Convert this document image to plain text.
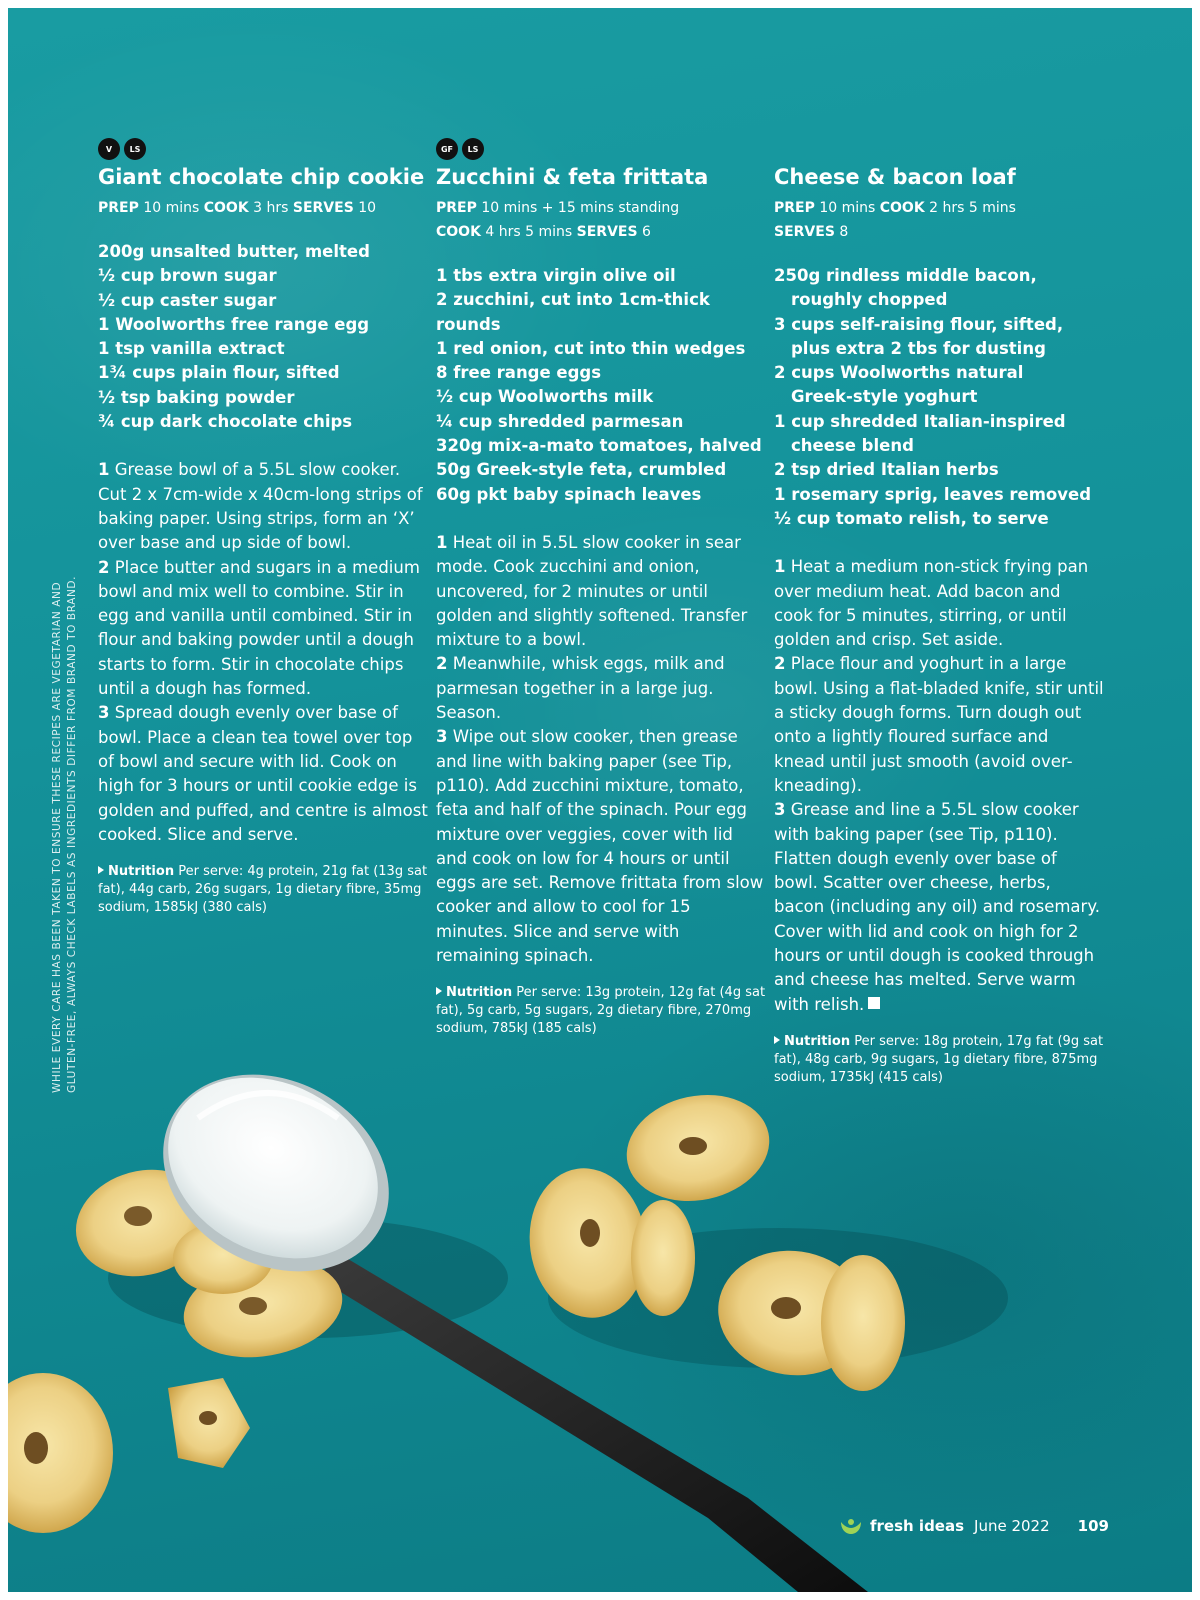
WHILE EVERY CARE HAS BEEN TAKEN TO ENSURE THESE RECIPES ARE VEGETARIAN AND GLUTEN-FREE, ALWAYS CHECK LABELS AS INGREDIENTS DIFFER FROM BRAND TO BRAND.
V	LS
Giant chocolate chip cookie
PREP 10 mins COOK 3 hrs SERVES 10
200g unsalted butter, melted
½ cup brown sugar
½ cup caster sugar
1 Woolworths free range egg
1 tsp vanilla extract
1¾ cups plain flour, sifted
½ tsp baking powder
¾ cup dark chocolate chips
1 Grease bowl of a 5.5L slow cooker. Cut 2 x 7cm-wide x 40cm-long strips of baking paper. Using strips, form an ‘X’ over base and up side of bowl.
2 Place butter and sugars in a medium bowl and mix well to combine. Stir in egg and vanilla until combined. Stir in flour and baking powder until a dough starts to form. Stir in chocolate chips until a dough has formed.
3 Spread dough evenly over base of bowl. Place a clean tea towel over top of bowl and secure with lid. Cook on high for 3 hours or until cookie edge is golden and puffed, and centre is almost cooked. Slice and serve.
Nutrition Per serve: 4g protein, 21g fat (13g sat fat), 44g carb, 26g sugars, 1g dietary fibre, 35mg sodium, 1585kJ (380 cals)
GF	LS
Zucchini & feta frittata
PREP 10 mins + 15 mins standing
COOK 4 hrs 5 mins SERVES 6
1 tbs extra virgin olive oil
2 zucchini, cut into 1cm-thick rounds
1 red onion, cut into thin wedges
8 free range eggs
½ cup Woolworths milk
¼ cup shredded parmesan
320g mix-a-mato tomatoes, halved
50g Greek-style feta, crumbled
60g pkt baby spinach leaves
1 Heat oil in 5.5L slow cooker in sear mode. Cook zucchini and onion, uncovered, for 2 minutes or until golden and slightly softened. Transfer mixture to a bowl.
2 Meanwhile, whisk eggs, milk and parmesan together in a large jug. Season.
3 Wipe out slow cooker, then grease and line with baking paper (see Tip, p110). Add zucchini mixture, tomato, feta and half of the spinach. Pour egg mixture over veggies, cover with lid and cook on low for 4 hours or until eggs are set. Remove frittata from slow cooker and allow to cool for 15 minutes. Slice and serve with remaining spinach.
Nutrition Per serve: 13g protein, 12g fat (4g sat fat), 5g carb, 5g sugars, 2g dietary fibre, 270mg sodium, 785kJ (185 cals)
Cheese & bacon loaf
PREP 10 mins COOK 2 hrs 5 mins
SERVES 8
250g rindless middle bacon,
roughly chopped
3 cups self-raising flour, sifted,
plus extra 2 tbs for dusting
2 cups Woolworths natural
Greek-style yoghurt
1 cup shredded Italian-inspired
cheese blend
2 tsp dried Italian herbs
1 rosemary sprig, leaves removed
½ cup tomato relish, to serve
1 Heat a medium non-stick frying pan over medium heat. Add bacon and cook for 5 minutes, stirring, or until golden and crisp. Set aside.
2 Place flour and yoghurt in a large bowl. Using a flat-bladed knife, stir until a sticky dough forms. Turn dough out onto a lightly floured surface and knead until just smooth (avoid over-kneading).
3 Grease and line a 5.5L slow cooker with baking paper (see Tip, p110). Flatten dough evenly over base of bowl. Scatter over cheese, herbs, bacon (including any oil) and rosemary. Cover with lid and cook on high for 2 hours or until dough is cooked through and cheese has melted. Serve warm with relish.
Nutrition Per serve: 18g protein, 17g fat (9g sat fat), 48g carb, 9g sugars, 1g dietary fibre, 875mg sodium, 1735kJ (415 cals)
fresh ideas June 2022 109
